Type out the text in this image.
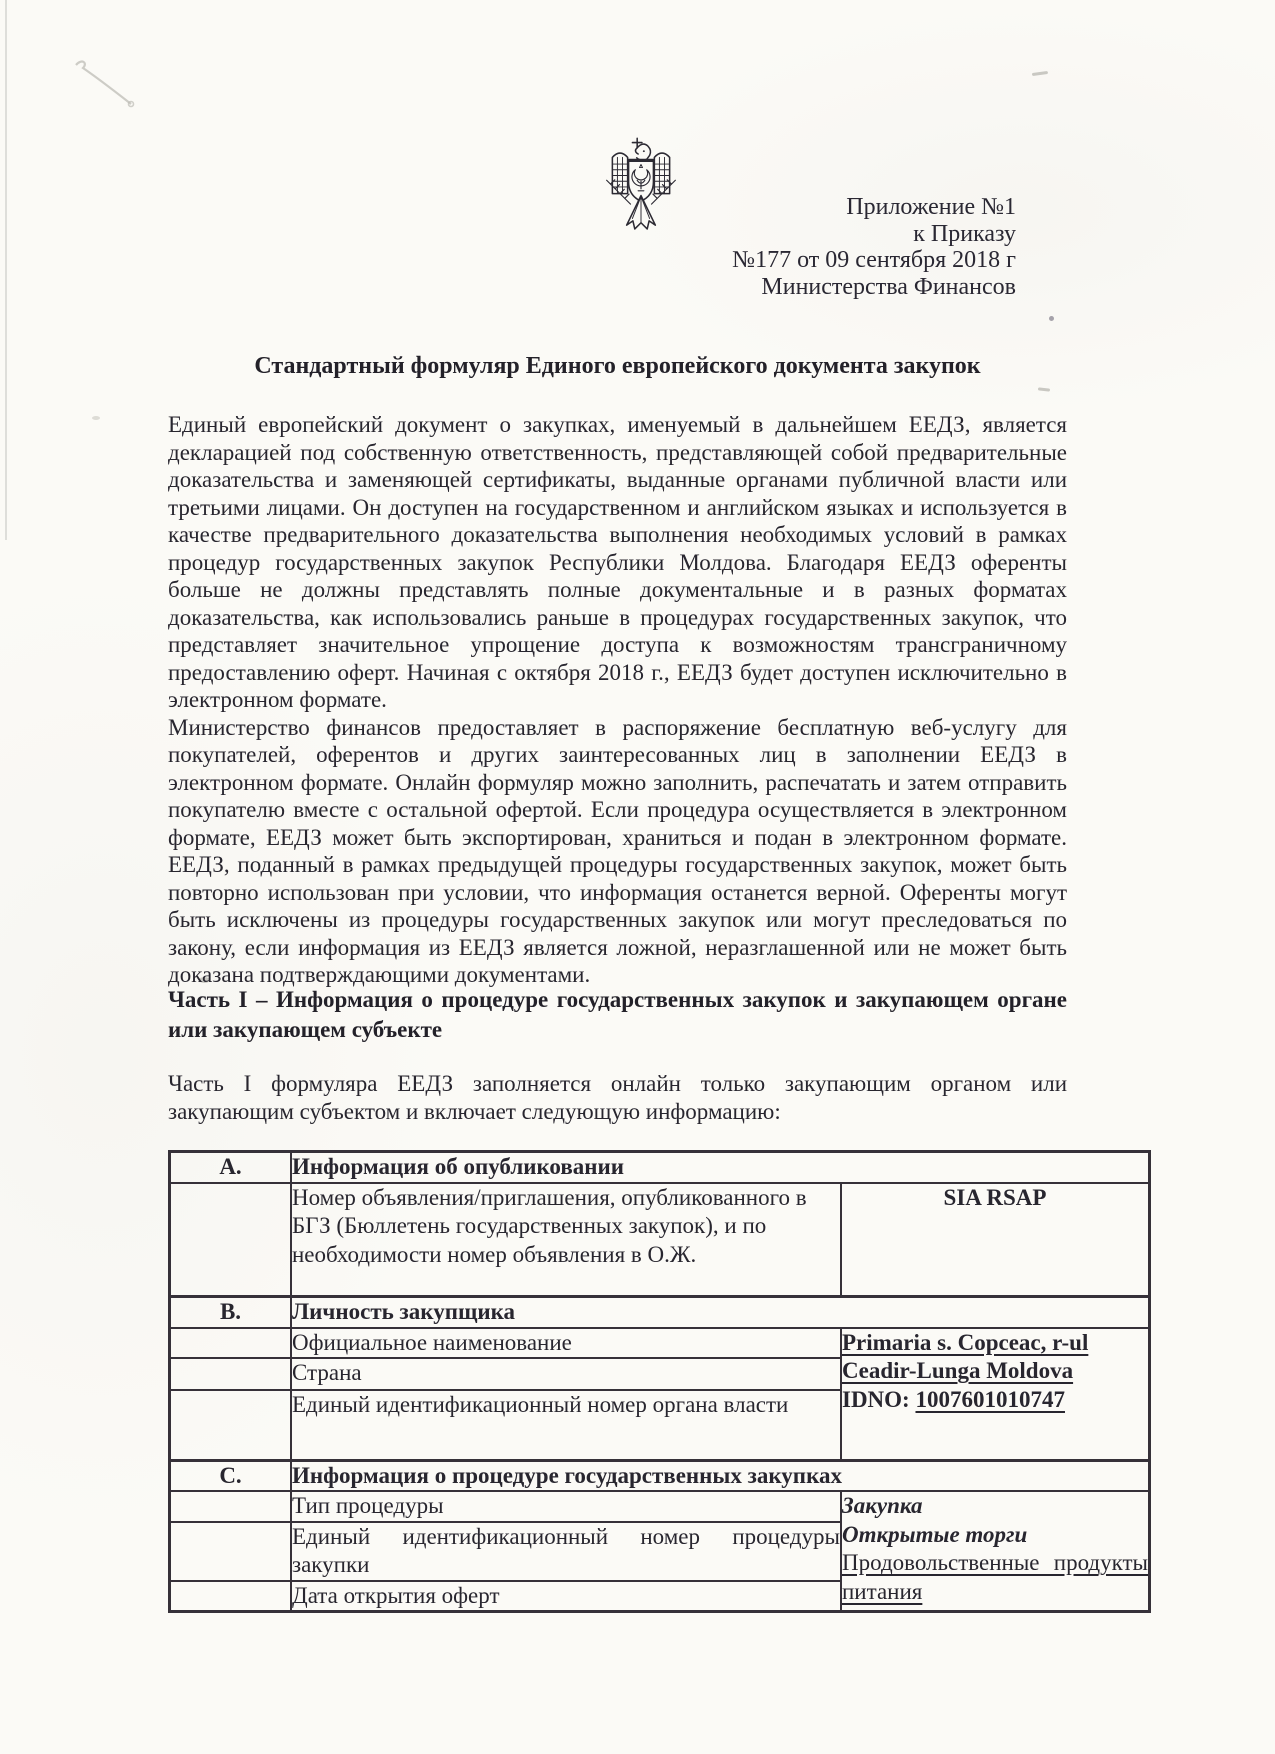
Приложение №1
к Приказу
№177 от 09 сентября 2018 г
Министерства Финансов
Стандартный формуляр Единого европейского документа закупок

Единый европейский документ о закупках, именуемый в дальнейшем ЕЕДЗ, является декларацией под собственную ответственность, представляющей собой предварительные доказательства и заменяющей сертификаты, выданные органами публичной власти или третьими лицами. Он доступен на государственном и английском языках и используется в качестве предварительного доказательства выполнения необходимых условий в рамках процедур государственных закупок Республики Молдова. Благодаря ЕЕДЗ оференты больше не должны представлять полные документальные и в разных форматах доказательства, как использовались раньше в процедурах государственных закупок, что представляет значительное упрощение доступа к возможностям трансграничному предоставлению оферт. Начиная с октября 2018 г., ЕЕДЗ будет доступен исключительно в электронном формате.

Министерство финансов предоставляет в распоряжение бесплатную веб-услугу для покупателей, оферентов и других заинтересованных лиц в заполнении ЕЕДЗ в электронном формате. Онлайн формуляр можно заполнить, распечатать и затем отправить покупателю вместе с остальной офертой. Если процедура осуществляется в электронном формате, ЕЕДЗ может быть экспортирован, храниться и подан в электронном формате. ЕЕДЗ, поданный в рамках предыдущей процедуры государственных закупок, может быть повторно использован при условии, что информация останется верной. Оференты могут быть исключены из процедуры государственных закупок или могут преследоваться по закону, если информация из ЕЕДЗ является ложной, неразглашенной или не может быть доказана подтверждающими документами.

Часть I – Информация о процедуре государственных закупок и закупающем органе или закупающем субъекте

Часть I формуляра ЕЕДЗ заполняется онлайн только закупающим органом или закупающим субъектом и включает следующую информацию:

А.	Информация об опубликовании	
	Номер объявления/приглашения, опубликованного в БГЗ (Бюллетень государственных закупок), и по необходимости номер объявления в О.Ж.	SIA RSAP
В.	Личность закупщика	
	Официальное наименование	Primaria s. Copceac, r-ul Ceadir-Lunga Moldova
IDNO: 1007601010747

	Страна	
	Единый идентификационный номер органа власти	
С.	Информация о процедуре государственных закупках	
	Тип процедуры	Закупка
Открытые торги
Продовольственные продукты питания

	Единый идентификационный номер процедуры закупки	
	Дата открытия оферт	
